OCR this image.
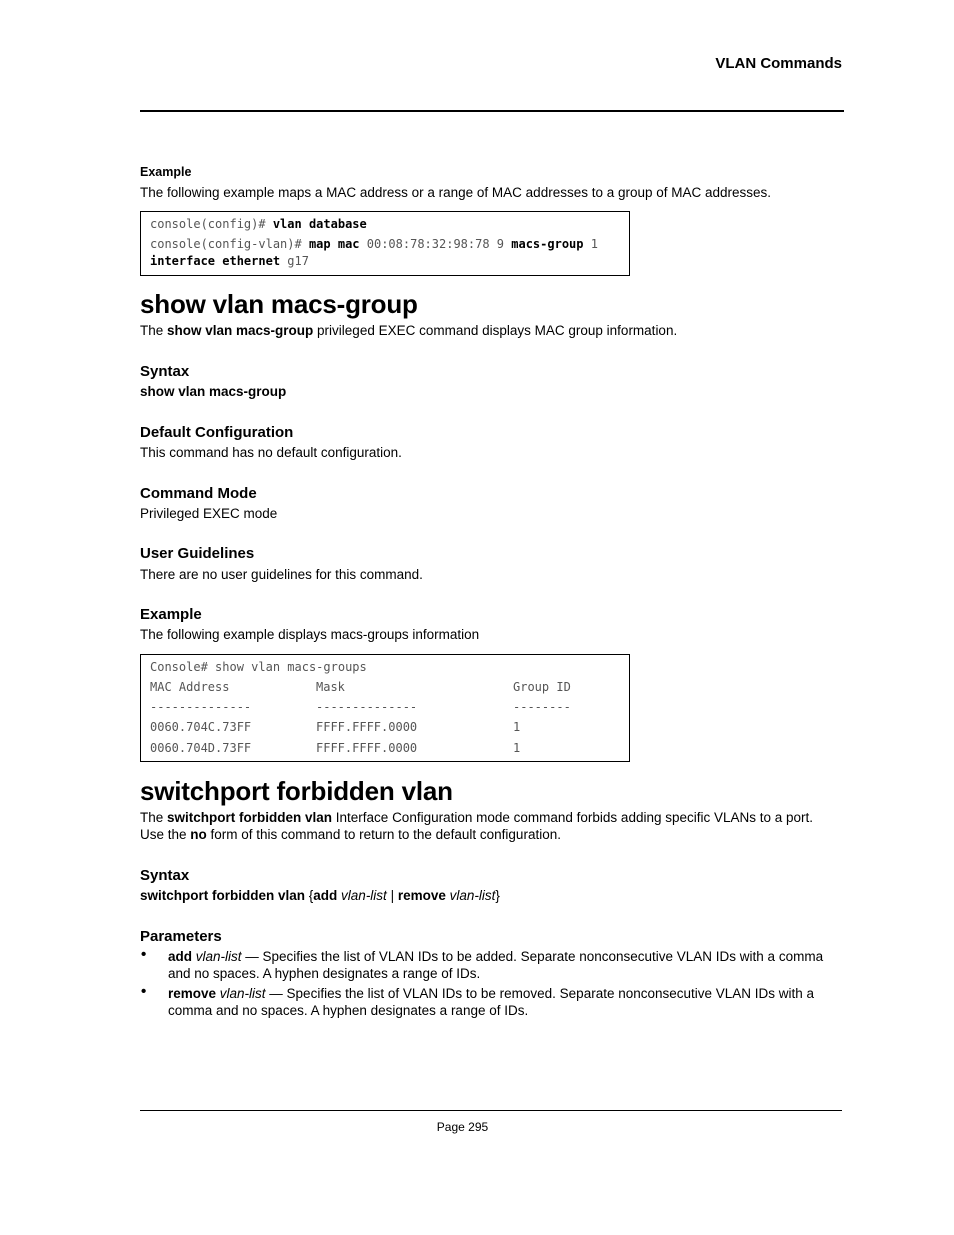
VLAN Commands
Example
The following example maps a MAC address or a range of MAC addresses to a group of MAC addresses.
console(config)# vlan database
console(config-vlan)# map mac 00:08:78:32:98:78 9 macs-group 1
interface ethernet g17
show vlan macs-group
The show vlan macs-group privileged EXEC command displays MAC group information.
Syntax
show vlan macs-group
Default Configuration
This command has no default configuration.
Command Mode
Privileged EXEC mode
User Guidelines
There are no user guidelines for this command.
Example
The following example displays macs-groups information
Console# show vlan macs-groups
MAC Address	Mask	Group ID
--------------	--------------	--------
0060.704C.73FF	FFFF.FFFF.0000	1
0060.704D.73FF	FFFF.FFFF.0000	1
switchport forbidden vlan
The switchport forbidden vlan Interface Configuration mode command forbids adding specific VLANs to a port.
Use the no form of this command to return to the default configuration.
Syntax
switchport forbidden vlan {add vlan-list | remove vlan-list}
Parameters
• add vlan-list — Specifies the list of VLAN IDs to be added. Separate nonconsecutive VLAN IDs with a comma
and no spaces. A hyphen designates a range of IDs.
• remove vlan-list — Specifies the list of VLAN IDs to be removed. Separate nonconsecutive VLAN IDs with a
comma and no spaces. A hyphen designates a range of IDs.
Page 295
